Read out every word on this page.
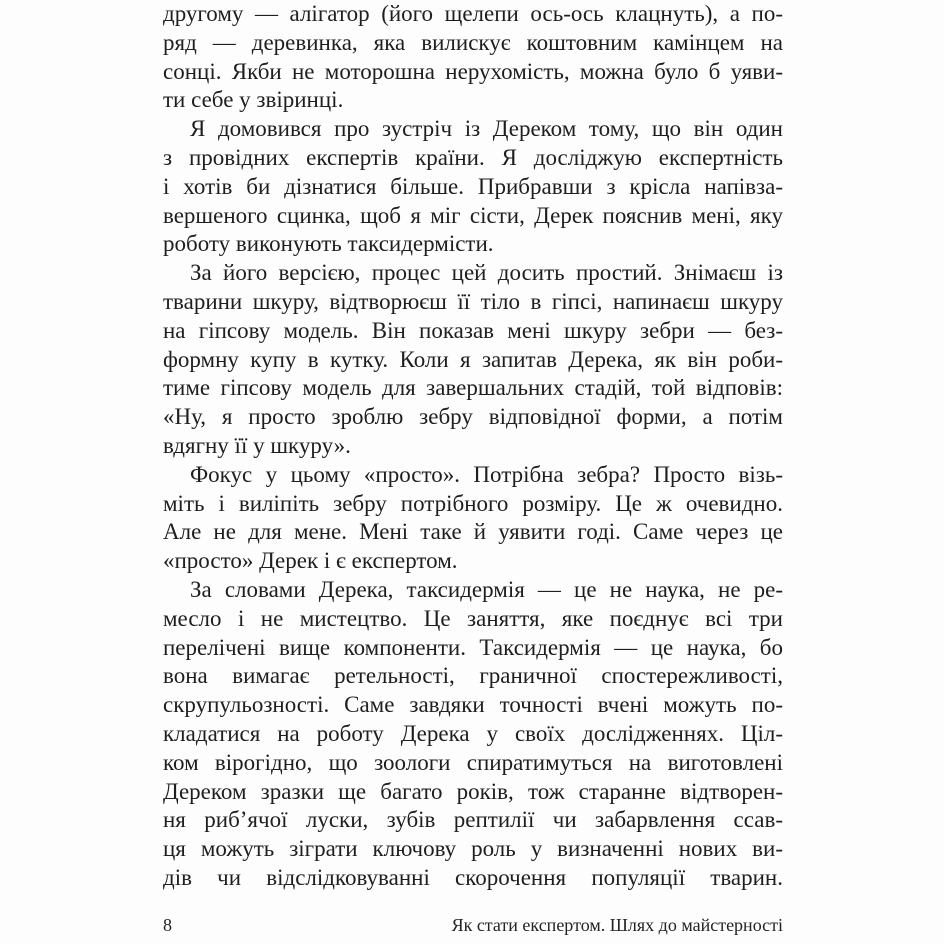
другому — алігатор (його щелепи ось-ось клацнуть), а по-
ряд — деревинка, яка вилискує коштовним камінцем на
сонці. Якби не моторошна нерухомість, можна було б уяви-
ти себе у звіринці.
Я домовився про зустріч із Дереком тому, що він один
з провідних експертів країни. Я досліджую експертність
і хотів би дізнатися більше. Прибравши з крісла напівза-
вершеного сцинка, щоб я міг сісти, Дерек пояснив мені, яку
роботу виконують таксидермісти.
За його версією, процес цей досить простий. Знімаєш із
тварини шкуру, відтворюєш її тіло в гіпсі, напинаєш шкуру
на гіпсову модель. Він показав мені шкуру зебри — без-
формну купу в кутку. Коли я запитав Дерека, як він роби-
тиме гіпсову модель для завершальних стадій, той відповів:
«Ну, я просто зроблю зебру відповідної форми, а потім
вдягну її у шкуру».
Фокус у цьому «просто». Потрібна зебра? Просто візь-
міть і виліпіть зебру потрібного розміру. Це ж очевидно.
Але не для мене. Мені таке й уявити годі. Саме через це
«просто» Дерек і є експертом.
За словами Дерека, таксидермія — це не наука, не ре-
месло і не мистецтво. Це заняття, яке поєднує всі три
перелічені вище компоненти. Таксидермія — це наука, бо
вона вимагає ретельності, граничної спостережливості,
скрупульозності. Саме завдяки точності вчені можуть по-
кладатися на роботу Дерека у своїх дослідженнях. Ціл-
ком вірогідно, що зоологи спиратимуться на виготовлені
Дереком зразки ще багато років, тож старанне відтворен-
ня риб’ячої луски, зубів рептилії чи забарвлення ссав-
ця можуть зіграти ключову роль у визначенні нових ви-
дів чи відслідковуванні скорочення популяції тварин.
8	Як стати експертом. Шлях до майстерності
